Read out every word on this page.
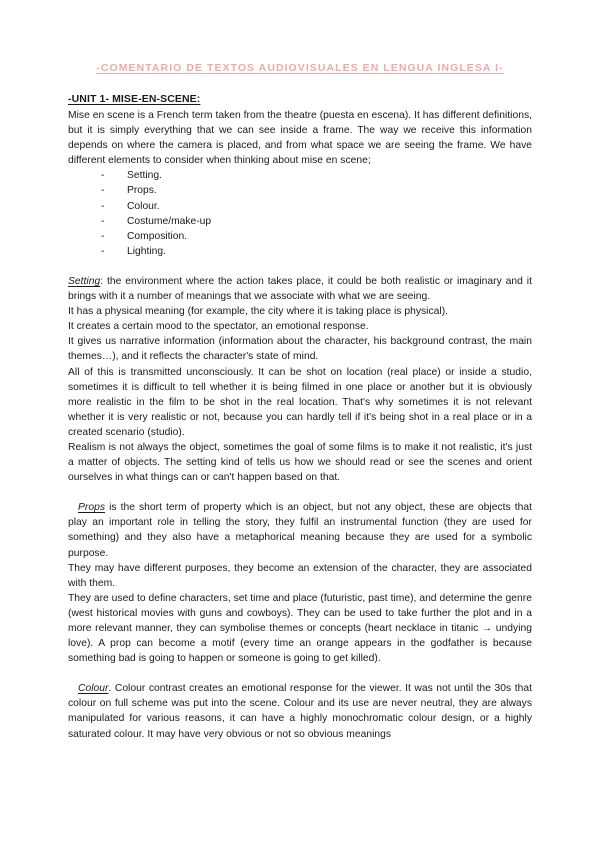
-COMENTARIO DE TEXTOS AUDIOVISUALES EN LENGUA INGLESA I-
-UNIT 1- MISE-EN-SCENE:

Mise en scene is a French term taken from the theatre (puesta en escena). It has different definitions, but it is simply everything that we can see inside a frame. The way we receive this information depends on where the camera is placed, and from what space we are seeing the frame. We have different elements to consider when thinking about mise en scene;

- Setting.
- Props.
- Colour.
- Costume/make-up
- Composition.
- Lighting.

Setting: the environment where the action takes place, it could be both realistic or imaginary and it brings with it a number of meanings that we associate with what we are seeing.

It has a physical meaning (for example, the city where it is taking place is physical).

It creates a certain mood to the spectator, an emotional response.

It gives us narrative information (information about the character, his background contrast, the main themes…), and it reflects the character's state of mind.

All of this is transmitted unconsciously. It can be shot on location (real place) or inside a studio, sometimes it is difficult to tell whether it is being filmed in one place or another but it is obviously more realistic in the film to be shot in the real location. That's why sometimes it is not relevant whether it is very realistic or not, because you can hardly tell if it's being shot in a real place or in a created scenario (studio).

Realism is not always the object, sometimes the goal of some films is to make it not realistic, it's just a matter of objects. The setting kind of tells us how we should read or see the scenes and orient ourselves in what things can or can't happen based on that.

Props is the short term of property which is an object, but not any object, these are objects that play an important role in telling the story, they fulfil an instrumental function (they are used for something) and they also have a metaphorical meaning because they are used for a symbolic purpose.

They may have different purposes, they become an extension of the character, they are associated with them.

They are used to define characters, set time and place (futuristic, past time), and determine the genre (west historical movies with guns and cowboys). They can be used to take further the plot and in a more relevant manner, they can symbolise themes or concepts (heart necklace in titanic → undying love). A prop can become a motif (every time an orange appears in the godfather is because something bad is going to happen or someone is going to get killed).

Colour. Colour contrast creates an emotional response for the viewer. It was not until the 30s that colour on full scheme was put into the scene. Colour and its use are never neutral, they are always manipulated for various reasons, it can have a highly monochromatic colour design, or a highly saturated colour. It may have very obvious or not so obvious meanings
